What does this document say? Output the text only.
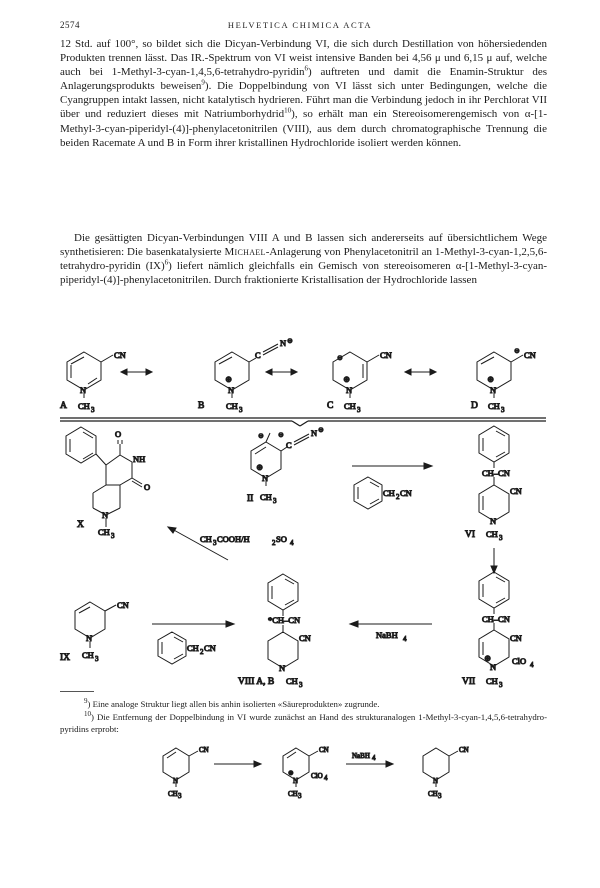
2574	HELVETICA CHIMICA ACTA
12 Std. auf 100°, so bildet sich die Dicyan-Verbindung VI, die sich durch Destillation von höhersiedenden Produkten trennen lässt. Das IR.-Spektrum von VI weist intensive Banden bei 4,56 μ und 6,15 μ auf, welche auch bei 1-Methyl-3-cyan-1,4,5,6-tetrahydro-pyridin$^6$) auftreten und damit die Enamin-Struktur des Anlagerungsprodukts beweisen$^9$). Die Doppelbindung von VI lässt sich unter Bedingungen, welche die Cyangruppen intakt lassen, nicht katalytisch hydrieren. Führt man die Verbindung jedoch in ihr Perchlorat VII über und reduziert dieses mit Natriumborhydrid$^{10}$), so erhält man ein Stereoisomerengemisch von α-[1-Methyl-3-cyan-piperidyl-(4)]-phenylacetonitrilen (VIII), aus dem durch chromatographische Trennung die beiden Racemate A und B in Form ihrer kristallinen Hydrochloride isoliert werden können.
Die gesättigten Dicyan-Verbindungen VIII A und B lassen sich andererseits auf übersichtlichem Wege synthetisieren: Die basenkatalysierte Michael-Anlagerung von Phenylacetonitril an 1-Methyl-3-cyan-1,2,5,6-tetrahydro-pyridin (IX)$^6$) liefert nämlich gleichfalls ein Gemisch von stereoisomeren α-[1-Methyl-3-cyan-piperidyl-(4)]-phenylacetonitrilen. Durch fraktionierte Kristallisation der Hydrochloride lassen
CN
N
A CH 3
C
N ⊖
⊕
N
B	CH 3
CN
⊖
⊕
N
C CH 3
CN
⊖
⊕
N
D CH 3
O
NH
O
N
X
CH 3
⊖ ⊖
C
N ⊖
⊕
N
II CH 3
CH 2 CN
CH–CN
CN
N
VI CH 3
CH 3 COOH/H	2 SO 4
CN
N
IX CH 3
CH 2 CN
*CH–CN
CN
N
VIII A, B CH 3
NaBH 4
CH–CN
CN
⊕
N
ClO 4
VII CH 3
CN
N
CH 3
CN
⊕
N
ClO 4
CH 3
NaBH 4
CN
N
CH 3
$^9$) Eine analoge Struktur liegt allen bis anhin isolierten «Säureprodukten» zugrunde.
$^{10}$) Die Entfernung der Doppelbindung in VI wurde zunächst an Hand des strukturanalogen 1-Methyl-3-cyan-1,4,5,6-tetrahydro-pyridins erprobt:
